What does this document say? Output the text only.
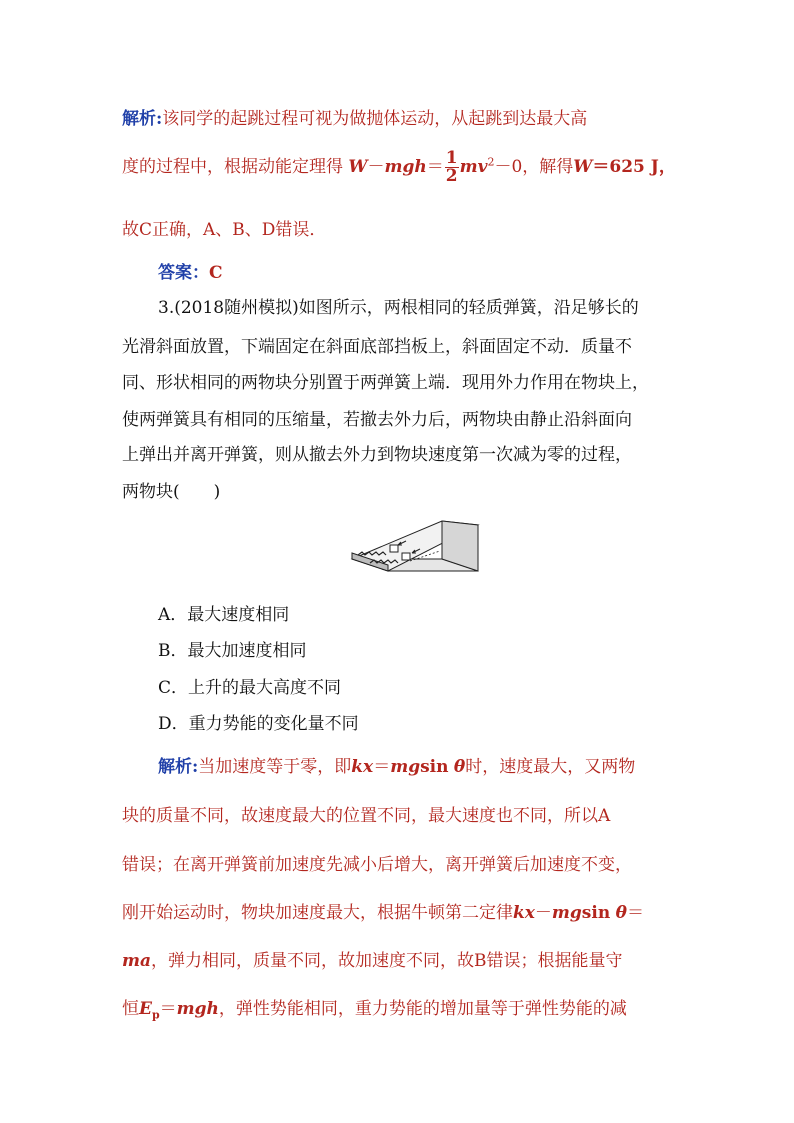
解析:该同学的起跳过程可视为做抛体运动，从起跳到达最大高
度的过程中，根据动能定理得 $W-mgh= \frac{1}{2} mv^2-0$，解得W＝625 J，
故C正确，A、B、D错误．
答案：C
3.(2018随州模拟)如图所示，两根相同的轻质弹簧，沿足够长的
光滑斜面放置，下端固定在斜面底部挡板上，斜面固定不动．质量不
同、形状相同的两物块分别置于两弹簧上端．现用外力作用在物块上，
使两弹簧具有相同的压缩量，若撤去外力后，两物块由静止沿斜面向
上弹出并离开弹簧，则从撤去外力到物块速度第一次减为零的过程，
两物块(　　)
A．最大速度相同
B．最大加速度相同
C．上升的最大高度不同
D．重力势能的变化量不同
解析:当加速度等于零，即kx＝mgsin θ时，速度最大，又两物
块的质量不同，故速度最大的位置不同，最大速度也不同，所以A
错误；在离开弹簧前加速度先减小后增大，离开弹簧后加速度不变，
刚开始运动时，物块加速度最大，根据牛顿第二定律kx－mgsin θ＝
ma，弹力相同，质量不同，故加速度不同，故B错误；根据能量守
恒$E_p=mgh$，弹性势能相同，重力势能的增加量等于弹性势能的减
